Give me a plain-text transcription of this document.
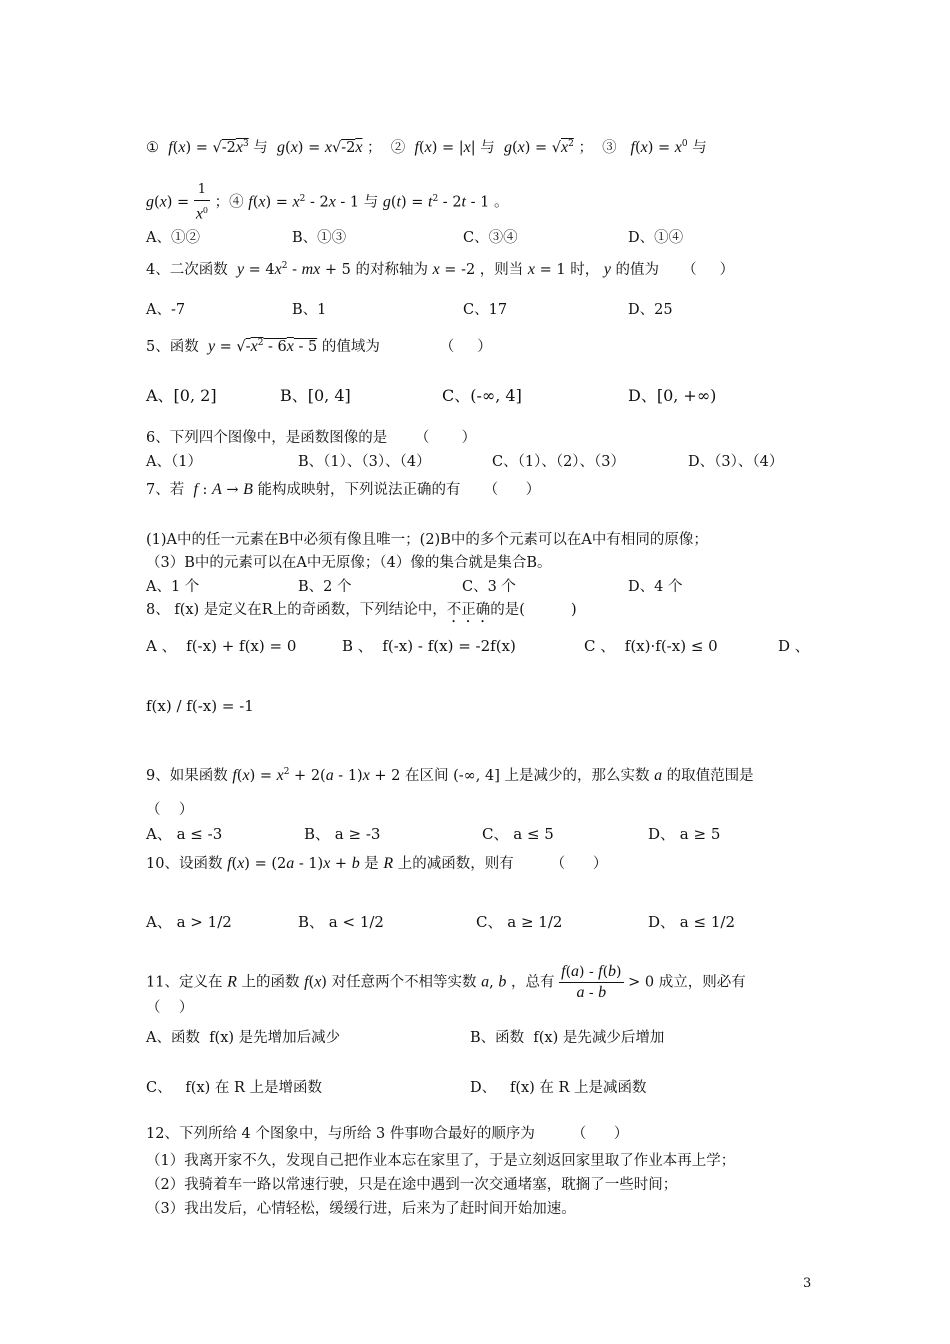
①  $f(x) = √-2x^3$ 与  g(x) = x√-2x ；  ②  f(x) = |x| 与  $g(x) = √x^2$ ；  ③   $f(x) = x^0$ 与
$g(x) = \frac{1}{x^0}$ ；④ $f(x) = x^2 - 2x - 1$ 与 $g(t) = t^2 - 2t - 1$ 。
A、①②	B、①③	C、③④	D、①④
4、二次函数  $y = 4x^2$ - mx + 5 的对称轴为 x = -2 ，则当 x = 1 时， y 的值为     （     ）
A、-7	B、1	C、17	D、25
5、函数  $y = √-x^2 - 6x - 5$ 的值域为             （     ）
A、[0, 2]	B、[0, 4]	C、(-∞, 4]	D、[0, +∞)
6、下列四个图像中，是函数图像的是      （       ）
A、（1）	B、（1）、（3）、（4）	C、（1）、（2）、（3）	D、（3）、（4）
7、若  f : A → B 能构成映射，下列说法正确的有     （      ）
(1)A中的任一元素在B中必须有像且唯一；(2)B中的多个元素可以在A中有相同的原像；
（3）B中的元素可以在A中无原像；（4）像的集合就是集合B。
A、1 个	B、2 个	C、3 个	D、4 个
8、 f(x) 是定义在R上的奇函数，下列结论中，不正确的是(          )
A 、  f(-x) + f(x) = 0	B 、  f(-x) - f(x) = -2f(x)	C 、  f(x)·f(-x) ≤ 0	D 、
f(x) / f(-x) = -1
9、如果函数 $f(x) = x^2 + 2(a - 1)x + 2$ 在区间 (-∞, 4] 上是减少的，那么实数 a 的取值范围是
（    ）
A、 a ≤ -3	B、 a ≥ -3	C、 a ≤ 5	D、 a ≥ 5
10、设函数 f(x) = (2a - 1)x + b 是 R 上的减函数，则有        （      ）
A、 a > 1/2	B、 a < 1/2	C、 a ≥ 1/2	D、 a ≤ 1/2
11、定义在 R 上的函数 f(x) 对任意两个不相等实数 a, b ，总有 $\frac{f(a) - f(b)}{a - b} > 0$ 成立，则必有
（    ）
A、函数  f(x) 是先增加后减少	B、函数  f(x) 是先减少后增加
C、   f(x) 在 R 上是增函数	D、   f(x) 在 R 上是减函数
12、下列所给 4 个图象中，与所给 3 件事吻合最好的顺序为        （      ）
（1）我离开家不久，发现自己把作业本忘在家里了，于是立刻返回家里取了作业本再上学；
（2）我骑着车一路以常速行驶，只是在途中遇到一次交通堵塞，耽搁了一些时间；
（3）我出发后，心情轻松，缓缓行进，后来为了赶时间开始加速。
3
